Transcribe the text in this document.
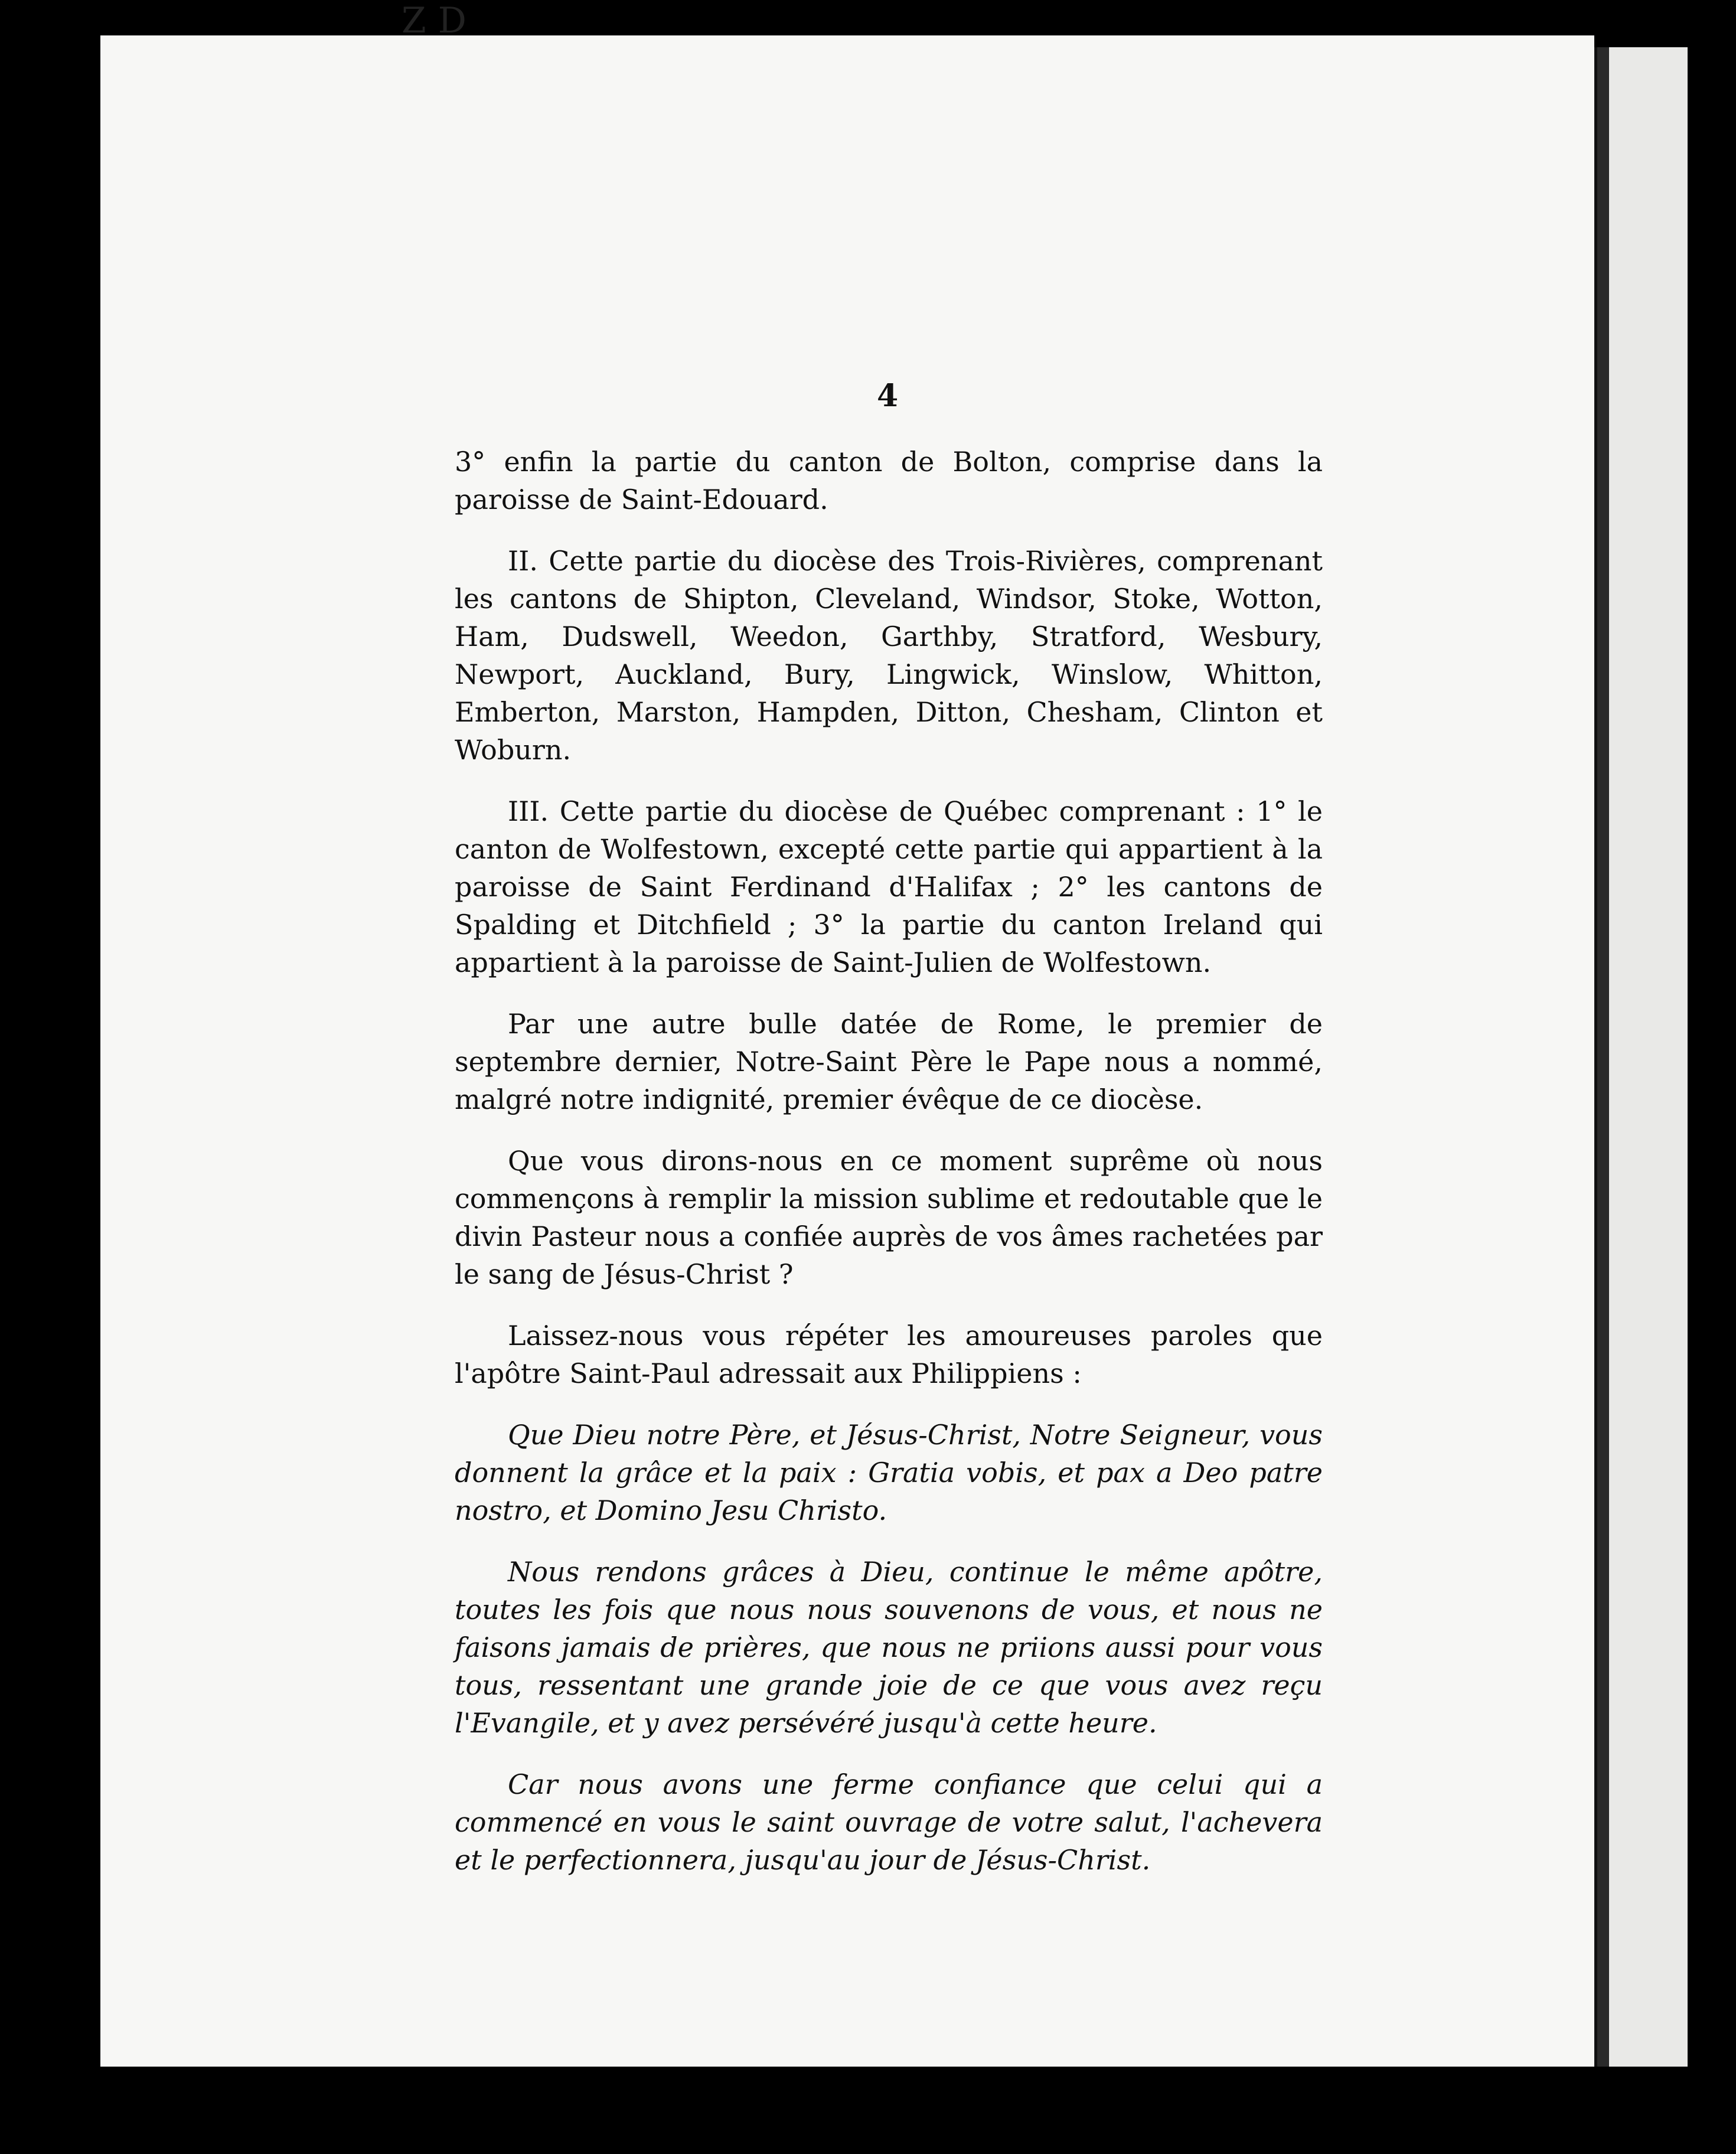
ZD
4

3° enfin la partie du canton de Bolton, comprise dans la paroisse de Saint-Edouard.

II. Cette partie du diocèse des Trois-Rivières, comprenant les cantons de Shipton, Cleveland, Windsor, Stoke, Wotton, Ham, Dudswell, Weedon, Garthby, Stratford, Wesbury, Newport, Auckland, Bury, Lingwick, Winslow, Whitton, Emberton, Marston, Hampden, Ditton, Chesham, Clinton et Woburn.

III. Cette partie du diocèse de Québec comprenant : 1° le canton de Wolfestown, excepté cette partie qui appartient à la paroisse de Saint Ferdinand d'Halifax ; 2° les cantons de Spalding et Ditchfield ; 3° la partie du canton Ireland qui appartient à la paroisse de Saint-Julien de Wolfestown.

Par une autre bulle datée de Rome, le premier de septembre dernier, Notre-Saint Père le Pape nous a nommé, malgré notre indignité, premier évêque de ce diocèse.

Que vous dirons-nous en ce moment suprême où nous commençons à remplir la mission sublime et redoutable que le divin Pasteur nous a confiée auprès de vos âmes rachetées par le sang de Jésus-Christ ?

Laissez-nous vous répéter les amoureuses paroles que l'apôtre Saint-Paul adressait aux Philippiens :

Que Dieu notre Père, et Jésus-Christ, Notre Seigneur, vous donnent la grâce et la paix : Gratia vobis, et pax a Deo patre nostro, et Domino Jesu Christo.

Nous rendons grâces à Dieu, continue le même apôtre, toutes les fois que nous nous souvenons de vous, et nous ne faisons jamais de prières, que nous ne priions aussi pour vous tous, ressentant une grande joie de ce que vous avez reçu l'Evangile, et y avez persévéré jusqu'à cette heure.

Car nous avons une ferme confiance que celui qui a commencé en vous le saint ouvrage de votre salut, l'achevera et le perfectionnera, jusqu'au jour de Jésus-Christ.
